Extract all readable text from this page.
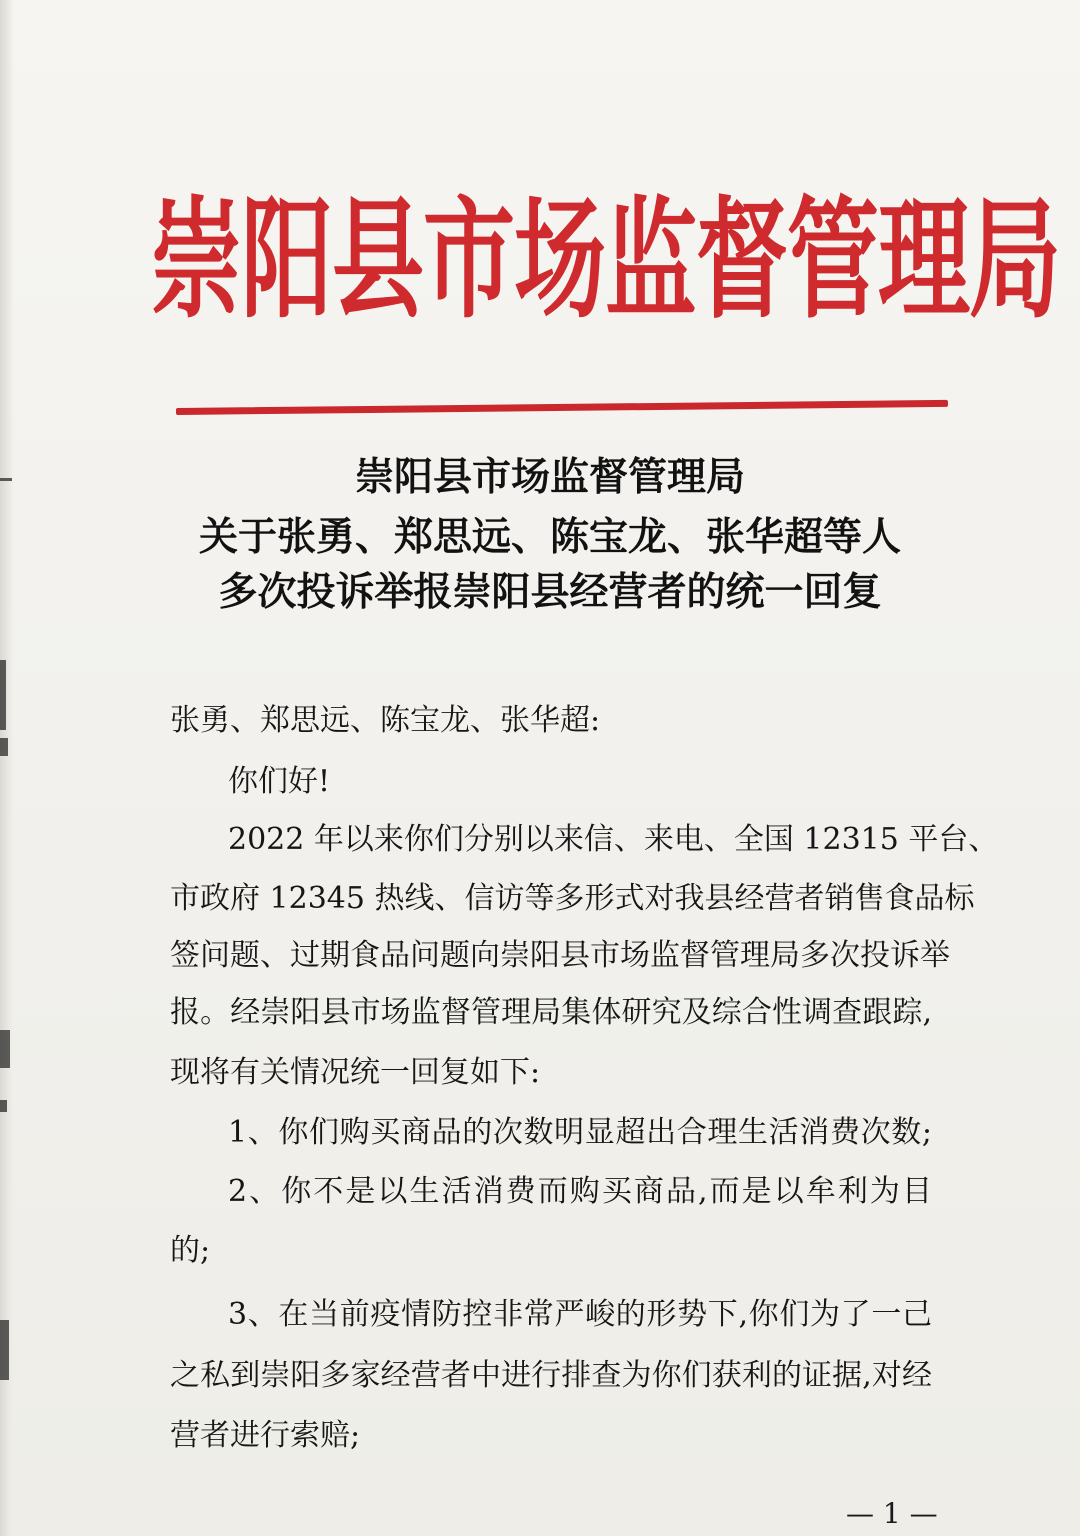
崇阳县市场监督管理局
崇阳县市场监督管理局
关于张勇、郑思远、陈宝龙、张华超等人
多次投诉举报崇阳县经营者的统一回复

张勇、郑思远、陈宝龙、张华超:

你们好!

2022 年以来你们分别以来信、来电、全国 12315 平台、

市政府 12345 热线、信访等多形式对我县经营者销售食品标

签问题、过期食品问题向崇阳县市场监督管理局多次投诉举

报。经崇阳县市场监督管理局集体研究及综合性调查跟踪,

现将有关情况统一回复如下:

1、你们购买商品的次数明显超出合理生活消费次数;

2、你不是以生活消费而购买商品,而是以牟利为目

的;

3、在当前疫情防控非常严峻的形势下,你们为了一己

之私到崇阳多家经营者中进行排查为你们获利的证据,对经

营者进行索赔;

— 1 —
